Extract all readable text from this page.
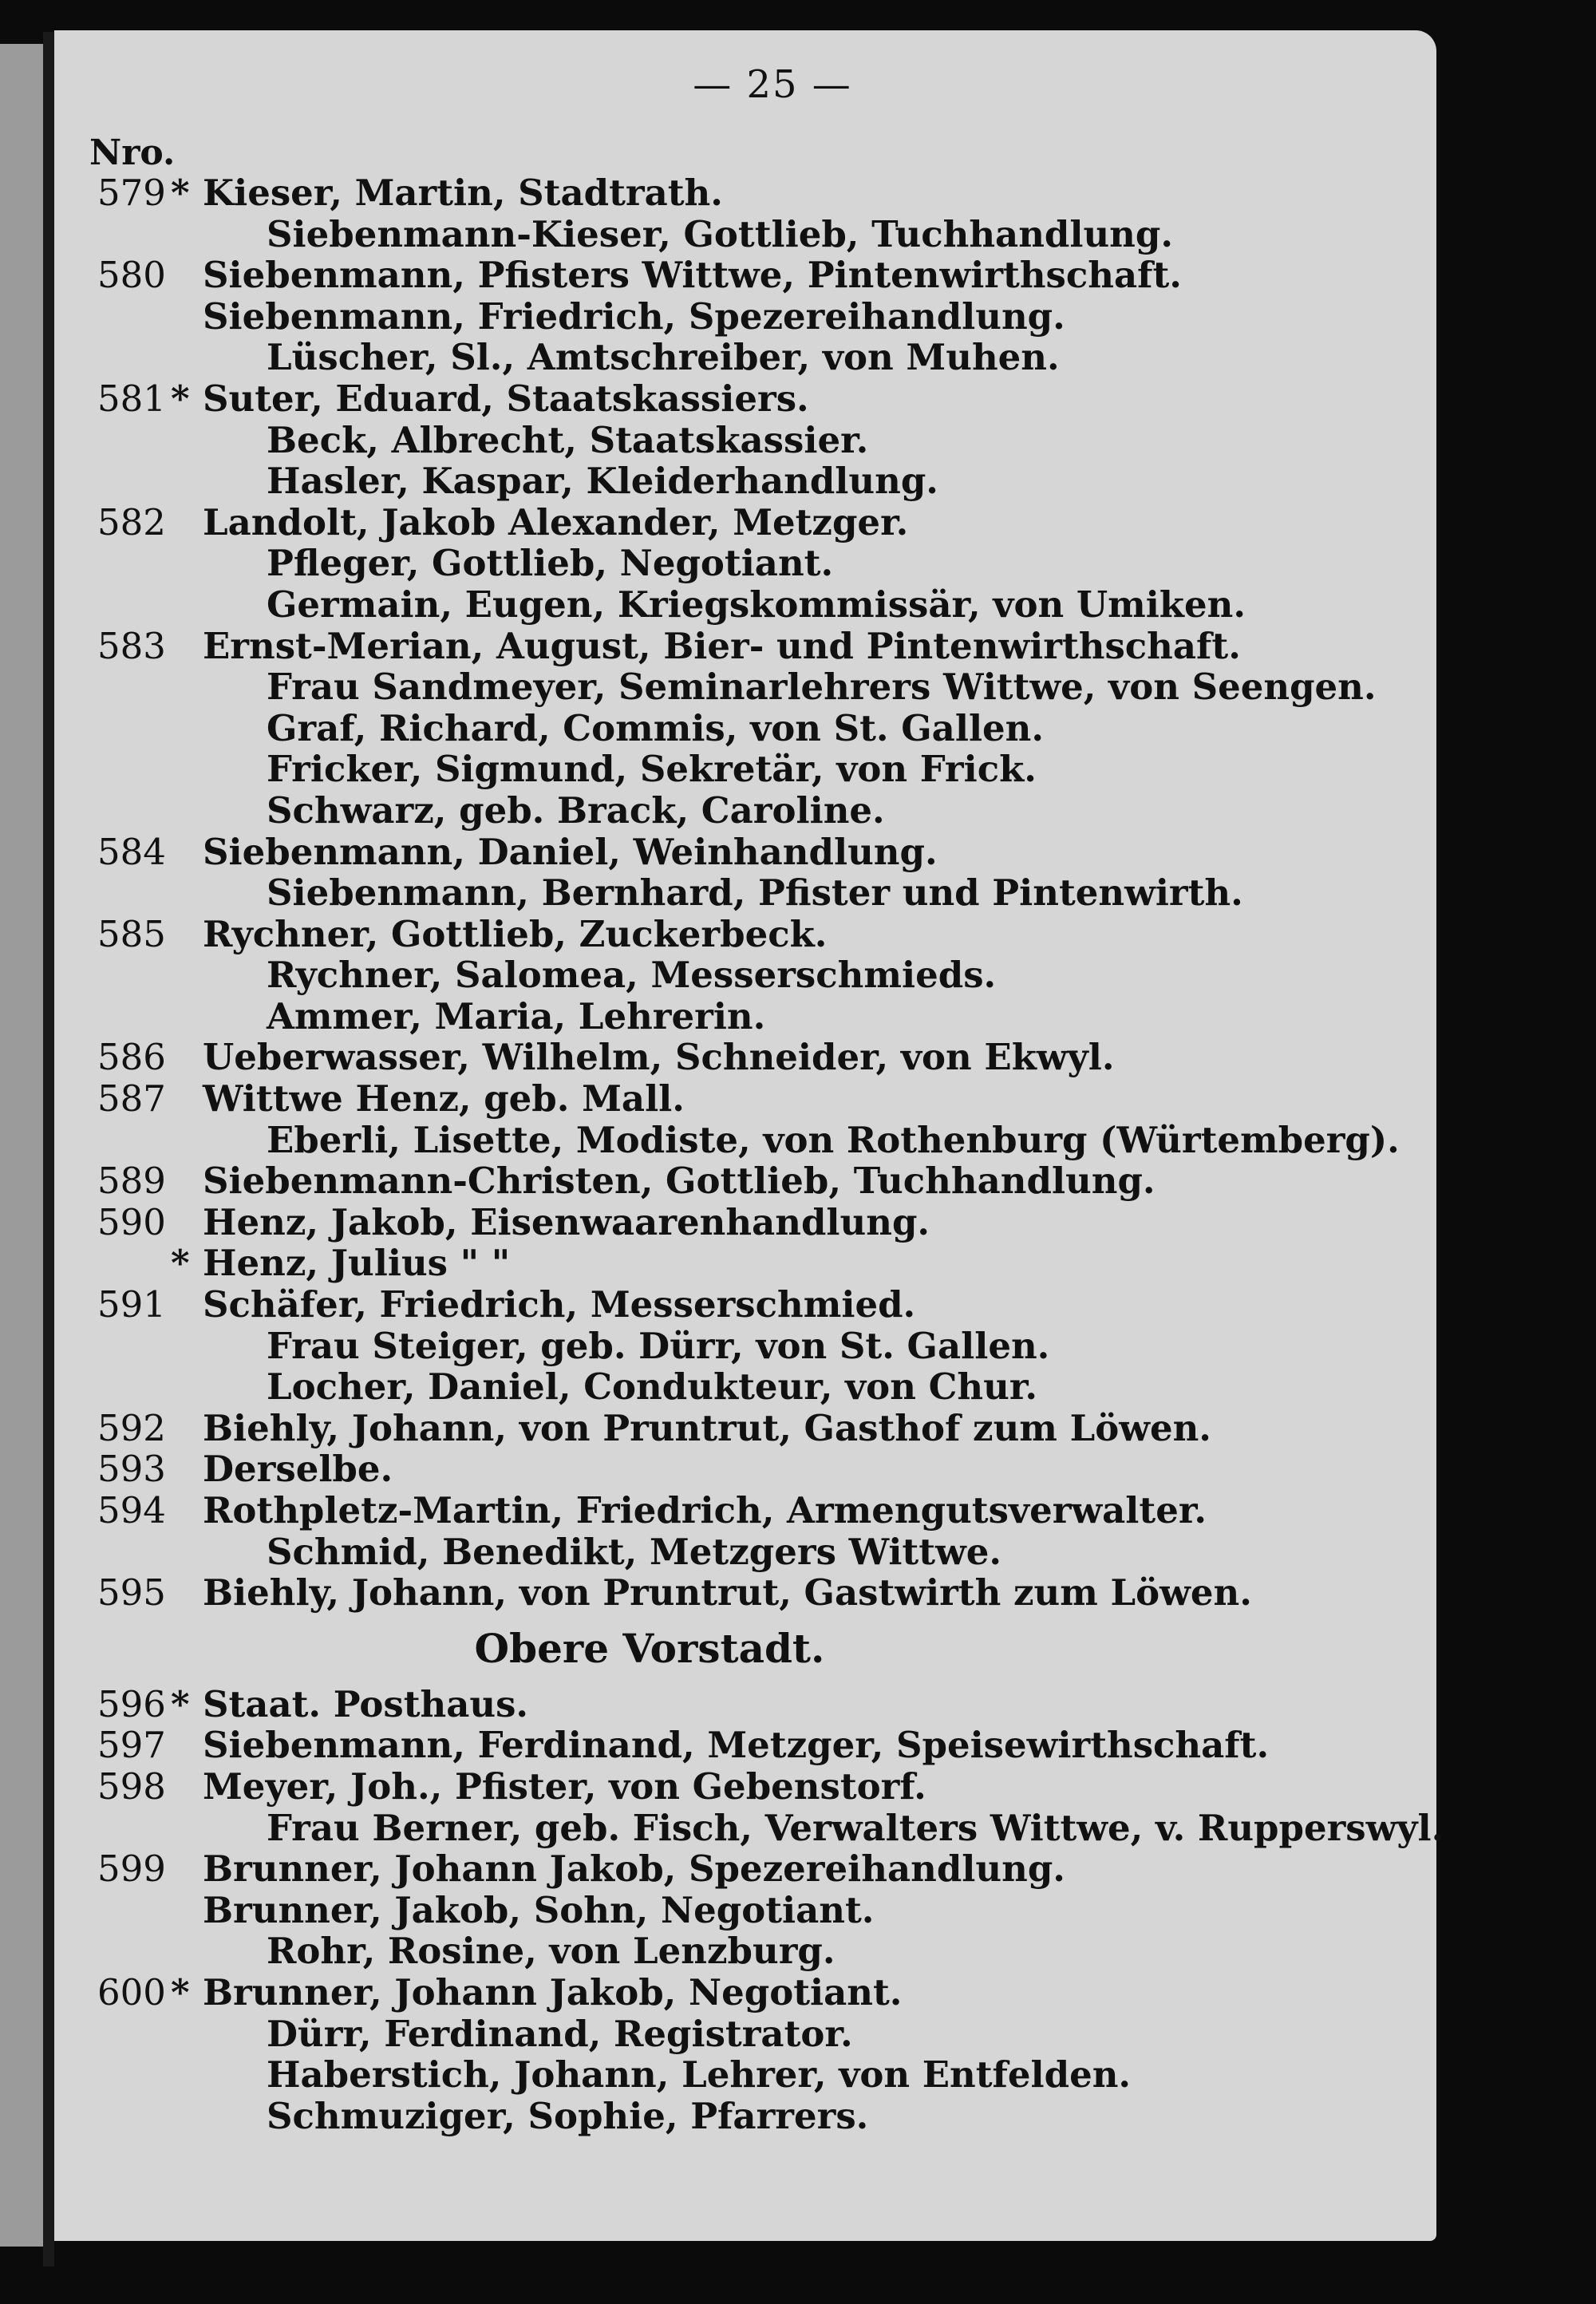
— 25 —
Nro.
579 * Kieser, Martin, Stadtrath.
Siebenmann-Kieser, Gottlieb, Tuchhandlung.
580	Siebenmann, Pfisters Wittwe, Pintenwirthschaft.
Siebenmann, Friedrich, Spezereihandlung.
Lüscher, Sl., Amtschreiber, von Muhen.
581 * Suter, Eduard, Staatskassiers.
Beck, Albrecht, Staatskassier.
Hasler, Kaspar, Kleiderhandlung.
582	Landolt, Jakob Alexander, Metzger.
Pfleger, Gottlieb, Negotiant.
Germain, Eugen, Kriegskommissär, von Umiken.
583	Ernst-Merian, August, Bier- und Pintenwirthschaft.
Frau Sandmeyer, Seminarlehrers Wittwe, von Seengen.
Graf, Richard, Commis, von St. Gallen.
Fricker, Sigmund, Sekretär, von Frick.
Schwarz, geb. Brack, Caroline.
584	Siebenmann, Daniel, Weinhandlung.
Siebenmann, Bernhard, Pfister und Pintenwirth.
585	Rychner, Gottlieb, Zuckerbeck.
Rychner, Salomea, Messerschmieds.
Ammer, Maria, Lehrerin.
586	Ueberwasser, Wilhelm, Schneider, von Ekwyl.
587	Wittwe Henz, geb. Mall.
Eberli, Lisette, Modiste, von Rothenburg (Würtemberg).
589	Siebenmann-Christen, Gottlieb, Tuchhandlung.
590	Henz, Jakob, Eisenwaarenhandlung.
* Henz, Julius " "
591	Schäfer, Friedrich, Messerschmied.
Frau Steiger, geb. Dürr, von St. Gallen.
Locher, Daniel, Condukteur, von Chur.
592	Biehly, Johann, von Pruntrut, Gasthof zum Löwen.
593	Derselbe.
594	Rothpletz-Martin, Friedrich, Armengutsverwalter.
Schmid, Benedikt, Metzgers Wittwe.
595	Biehly, Johann, von Pruntrut, Gastwirth zum Löwen.
Obere Vorstadt.
596 * Staat. Posthaus.
597	Siebenmann, Ferdinand, Metzger, Speisewirthschaft.
598	Meyer, Joh., Pfister, von Gebenstorf.
Frau Berner, geb. Fisch, Verwalters Wittwe, v. Rupperswyl.
599	Brunner, Johann Jakob, Spezereihandlung.
Brunner, Jakob, Sohn, Negotiant.
Rohr, Rosine, von Lenzburg.
600 * Brunner, Johann Jakob, Negotiant.
Dürr, Ferdinand, Registrator.
Haberstich, Johann, Lehrer, von Entfelden.
Schmuziger, Sophie, Pfarrers.
